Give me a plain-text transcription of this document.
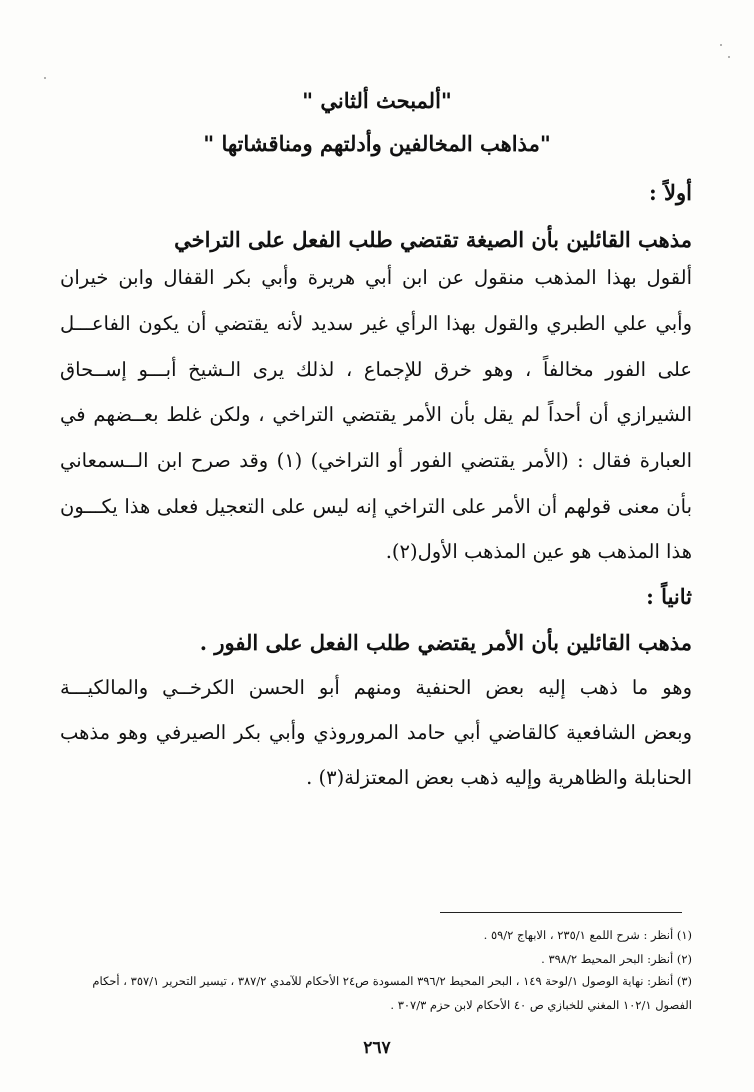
"ألمبحث ألثاني "
"مذاهب المخالفين وأدلتهم ومناقشاتها "
أولاً :
مذهب القائلين بأن الصيغة تقتضي طلب الفعل على التراخي
ألقول بهذا المذهب منقول عن ابن أبي هريرة وأبي بكر القفال وابن خيران
وأبي علي الطبري والقول بهذا الرأي غير سديد لأنه يقتضي أن يكون الفاعـــل
على الفور مخالفاً ، وهو خرق للإجماع ، لذلك يرى الـشيخ أبـــو إســحاق
الشيرازي أن أحداً لم يقل بأن الأمر يقتضي التراخي ، ولكن غلط بعــضهم في
العبارة فقال : (الأمر يقتضي الفور أو التراخي) (١) وقد صرح ابن الــسمعاني
بأن معنى قولهم أن الأمر على التراخي إنه ليس على التعجيل فعلى هذا يكـــون
هذا المذهب هو عين المذهب الأول(٢).
ثانياً :
مذهب القائلين بأن الأمر يقتضي طلب الفعل على الفور .
وهو ما ذهب إليه بعض الحنفية ومنهم أبو الحسن الكرخــي والمالكيـــة
وبعض الشافعية كالقاضي أبي حامد المروروذي وأبي بكر الصيرفي وهو مذهب
الحنابلة والظاهرية وإليه ذهب بعض المعتزلة(٣) .
(١) أنظر : شرح اللمع ٢٣٥/١ ، الابهاج ٥٩/٢ .
(٢) أنظر: البحر المحيط ٣٩٨/٢ .
(٣) أنظر: نهاية الوصول ١/لوحة ١٤٩ ، البحر المحيط ٣٩٦/٢ المسودة ص٢٤ الأحكام للآمدي ٣٨٧/٢ ، تيسير التحرير ٣٥٧/١ ، أحكام
الفصول ١٠٢/١ المغني للخبازي ص ٤٠ الأحكام لابن حزم ٣٠٧/٣ .
٢٦٧
